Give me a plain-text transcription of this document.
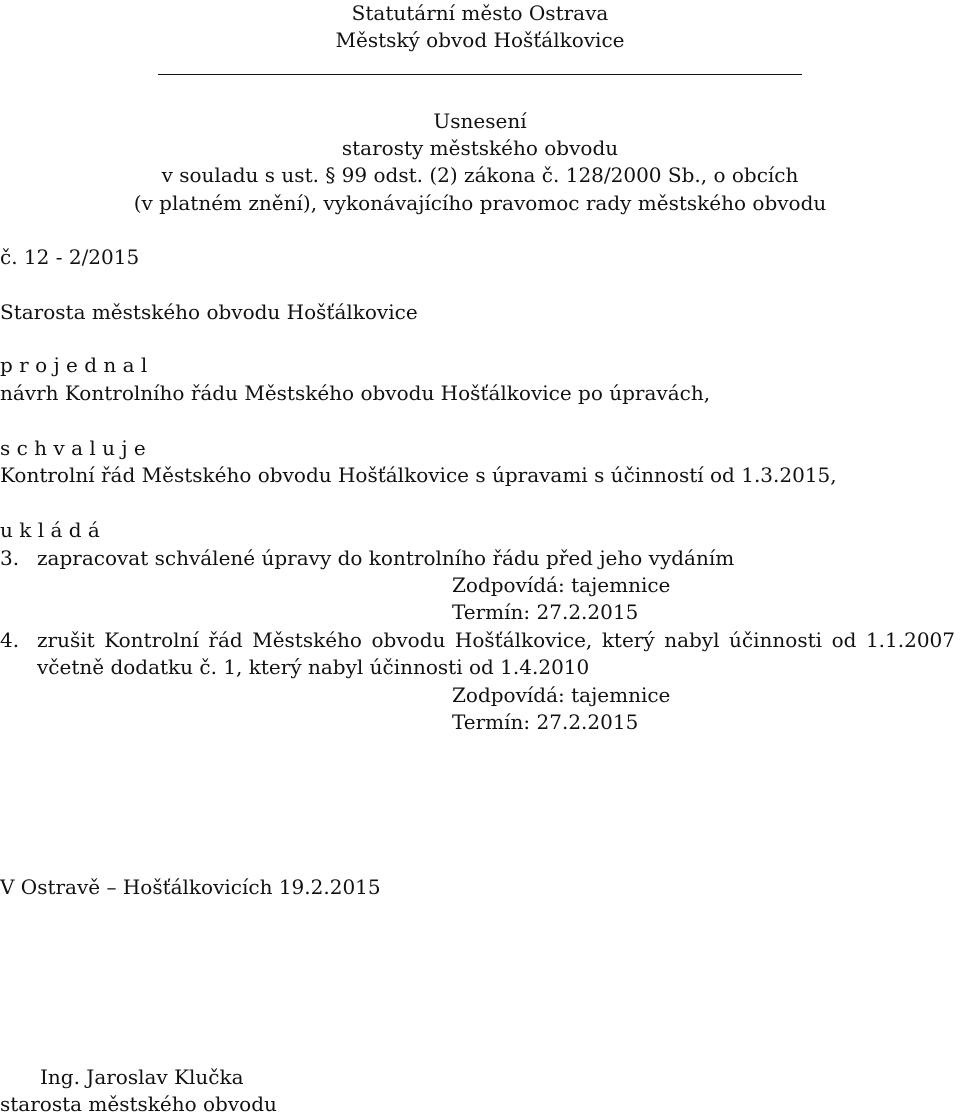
Statutární město Ostrava
Městský obvod Hošťálkovice
Usnesení
starosty městského obvodu
v souladu s ust. § 99 odst. (2) zákona č. 128/2000 Sb., o obcích
(v platném znění), vykonávajícího pravomoc rady městského obvodu
č. 12 - 2/2015
Starosta městského obvodu Hošťálkovice
p r o j e d n a l
návrh Kontrolního řádu Městského obvodu Hošťálkovice po úpravách,
s c h v a l u j e
Kontrolní řád Městského obvodu Hošťálkovice s úpravami s účinností od 1.3.2015,
u k l á d á
3. zapracovat schválené úpravy do kontrolního řádu před jeho vydáním
Zodpovídá: tajemnice
Termín: 27.2.2015
4. zrušit Kontrolní řád Městského obvodu Hošťálkovice, který nabyl účinnosti od 1.1.2007
včetně dodatku č. 1, který nabyl účinnosti od 1.4.2010
Zodpovídá: tajemnice
Termín: 27.2.2015
V Ostravě – Hošťálkovicích 19.2.2015
Ing. Jaroslav Klučka
starosta městského obvodu
